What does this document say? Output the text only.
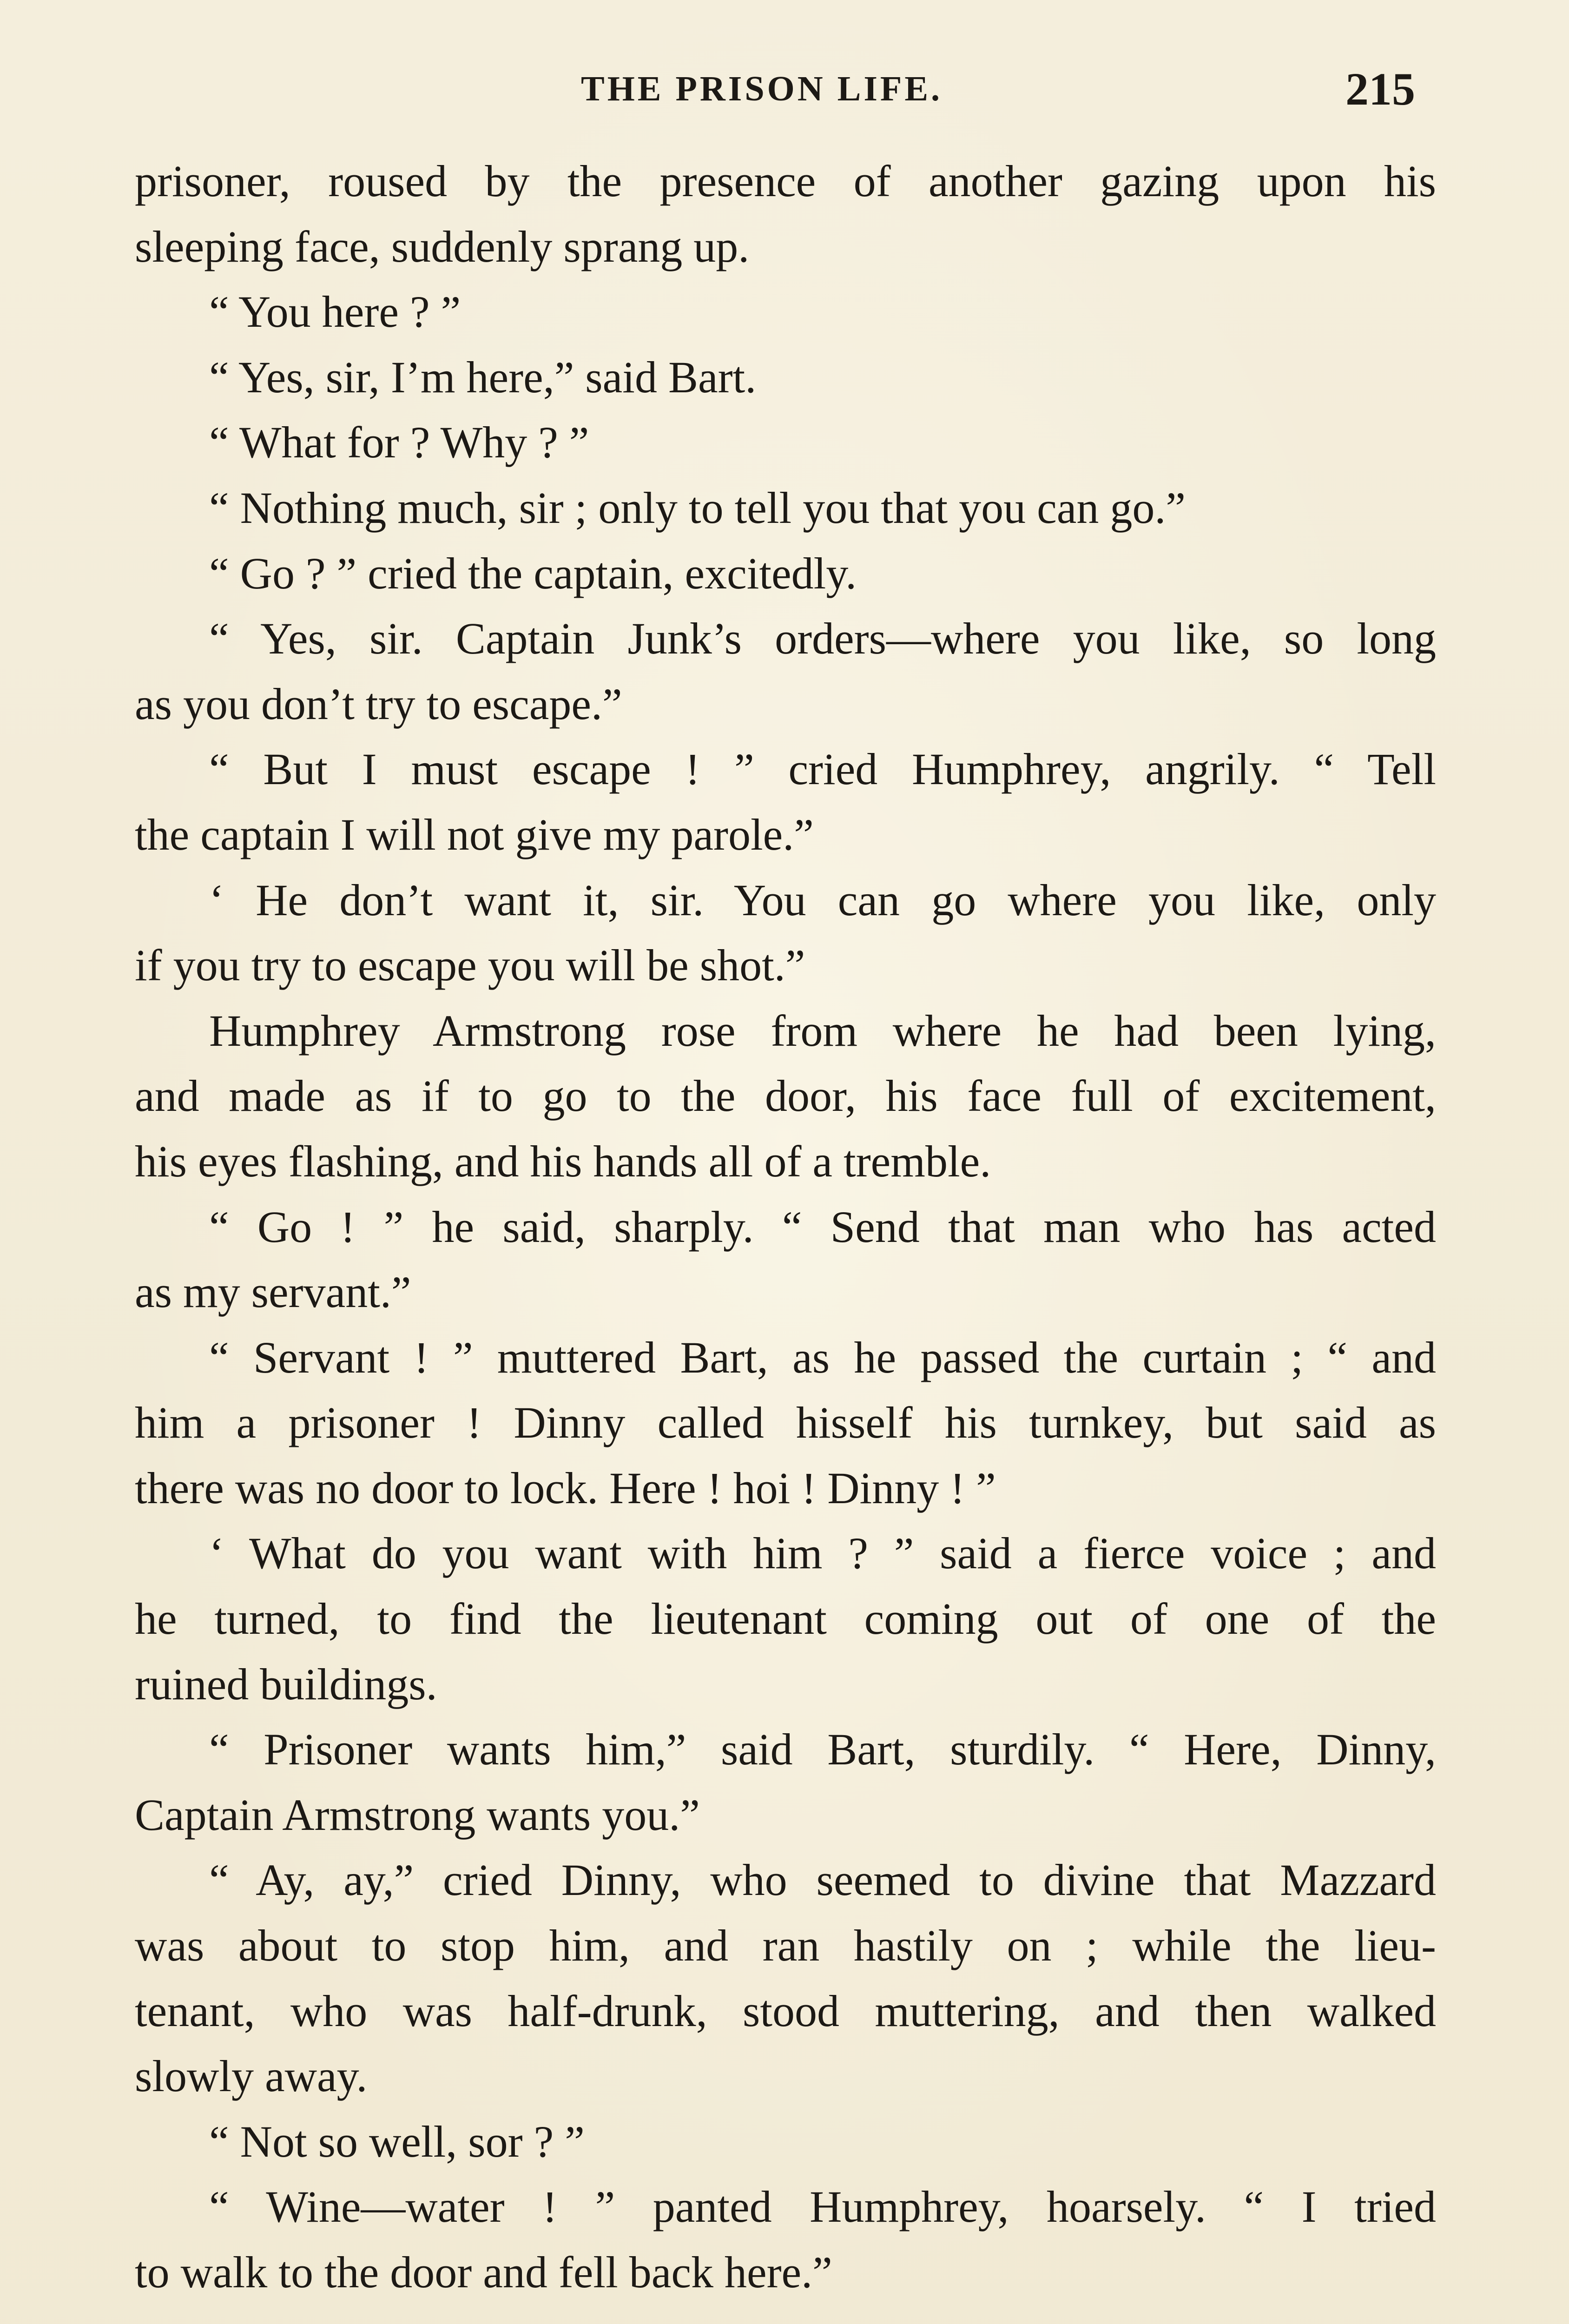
THE PRISON LIFE.	215
prisoner, roused by the presence of another gazing upon his
sleeping face, suddenly sprang up.
“ You here ? ”
“ Yes, sir, I’m here,” said Bart.
“ What for ? Why ? ”
“ Nothing much, sir ; only to tell you that you can go.”
“ Go ? ” cried the captain, excitedly.
“ Yes, sir. Captain Junk’s orders—where you like, so long
as you don’t try to escape.”
“ But I must escape ! ” cried Humphrey, angrily. “ Tell
the captain I will not give my parole.”
‘ He don’t want it, sir. You can go where you like, only
if you try to escape you will be shot.”
Humphrey Armstrong rose from where he had been lying,
and made as if to go to the door, his face full of excitement,
his eyes flashing, and his hands all of a tremble.
“ Go ! ” he said, sharply. “ Send that man who has acted
as my servant.”
“ Servant ! ” muttered Bart, as he passed the curtain ; “ and
him a prisoner ! Dinny called hisself his turnkey, but said as
there was no door to lock. Here ! hoi ! Dinny ! ”
‘ What do you want with him ? ” said a fierce voice ; and
he turned, to find the lieutenant coming out of one of the
ruined buildings.
“ Prisoner wants him,” said Bart, sturdily. “ Here, Dinny,
Captain Armstrong wants you.”
“ Ay, ay,” cried Dinny, who seemed to divine that Mazzard
was about to stop him, and ran hastily on ; while the lieu-
tenant, who was half-drunk, stood muttering, and then walked
slowly away.
“ Not so well, sor ? ”
“ Wine—water ! ” panted Humphrey, hoarsely. “ I tried
to walk to the door and fell back here.”
